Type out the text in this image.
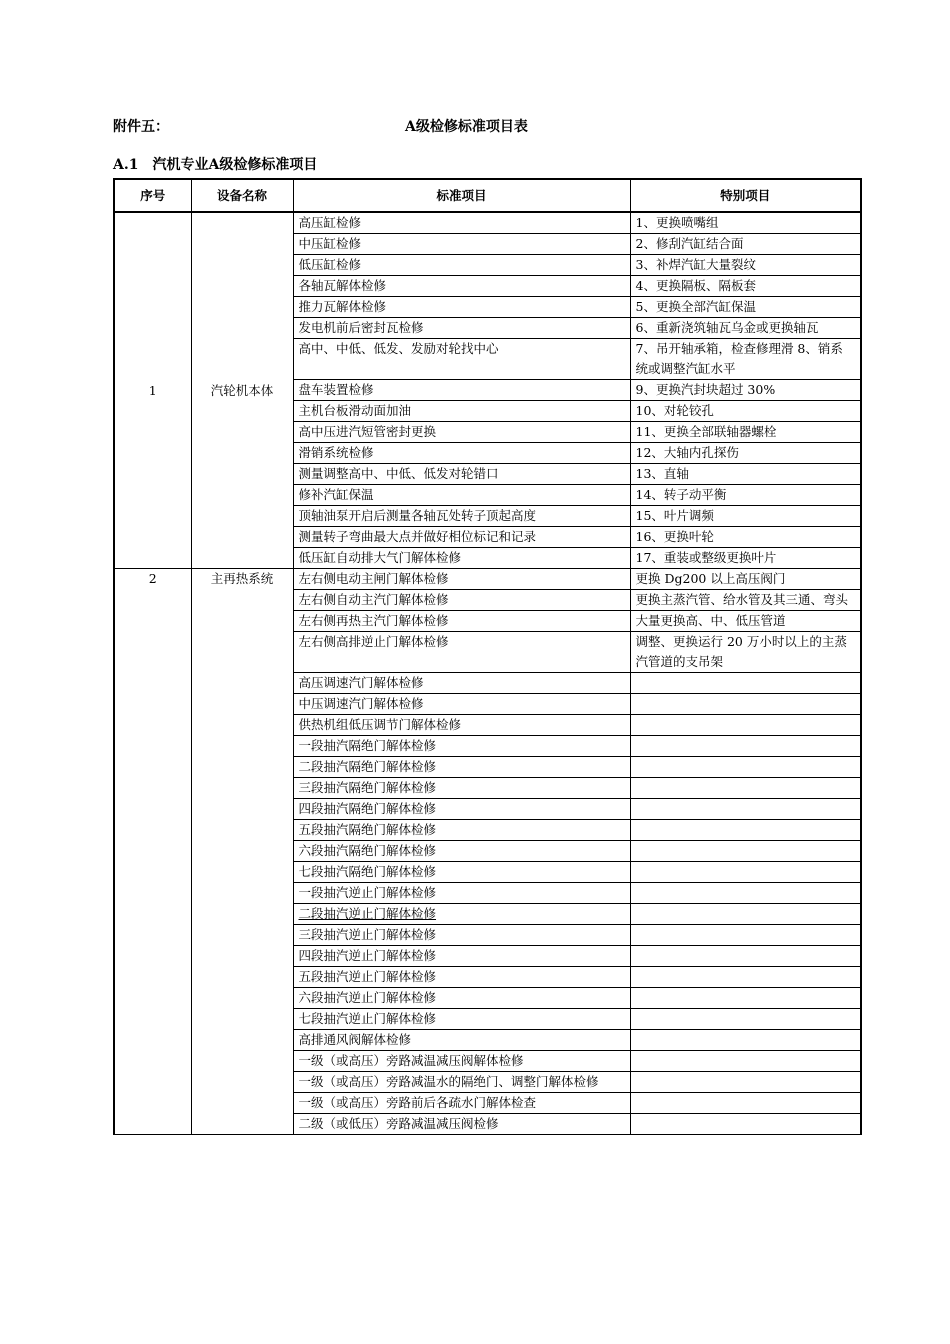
附件五：	A级检修标准项目表
A.1　汽机专业A级检修标准项目
序号	设备名称	标准项目	特别项目
1	汽轮机本体	高压缸检修	1、更换喷嘴组
		中压缸检修	2、修刮汽缸结合面
		低压缸检修	3、补焊汽缸大量裂纹
		各轴瓦解体检修	4、更换隔板、隔板套
		推力瓦解体检修	5、更换全部汽缸保温
		发电机前后密封瓦检修	6、重新浇筑轴瓦乌金或更换轴瓦
		高中、中低、低发、发励对轮找中心	7、吊开轴承箱，检查修理滑 8、销系统或调整汽缸水平
		盘车装置检修	9、更换汽封块超过 30%
		主机台板滑动面加油	10、对轮铰孔
		高中压进汽短管密封更换	11、更换全部联轴器螺栓
		滑销系统检修	12、大轴内孔探伤
		测量调整高中、中低、低发对轮错口	13、直轴
		修补汽缸保温	14、转子动平衡
		顶轴油泵开启后测量各轴瓦处转子顶起高度	15、叶片调频
		测量转子弯曲最大点并做好相位标记和记录	16、更换叶轮
		低压缸自动排大气门解体检修	17、重装或整级更换叶片
2	主再热系统	左右侧电动主闸门解体检修	更换 Dg200 以上高压阀门
		左右侧自动主汽门解体检修	更换主蒸汽管、给水管及其三通、弯头
		左右侧再热主汽门解体检修	大量更换高、中、低压管道
		左右侧高排逆止门解体检修	调整、更换运行 20 万小时以上的主蒸汽管道的支吊架
		高压调速汽门解体检修	
		中压调速汽门解体检修	
		供热机组低压调节门解体检修	
		一段抽汽隔绝门解体检修	
		二段抽汽隔绝门解体检修	
		三段抽汽隔绝门解体检修	
		四段抽汽隔绝门解体检修	
		五段抽汽隔绝门解体检修	
		六段抽汽隔绝门解体检修	
		七段抽汽隔绝门解体检修	
		一段抽汽逆止门解体检修	
		二段抽汽逆止门解体检修	
		三段抽汽逆止门解体检修	
		四段抽汽逆止门解体检修	
		五段抽汽逆止门解体检修	
		六段抽汽逆止门解体检修	
		七段抽汽逆止门解体检修	
		高排通风阀解体检修	
		一级（或高压）旁路减温减压阀解体检修	
		一级（或高压）旁路减温水的隔绝门、调整门解体检修	
		一级（或高压）旁路前后各疏水门解体检查	
		二级（或低压）旁路减温减压阀检修	
